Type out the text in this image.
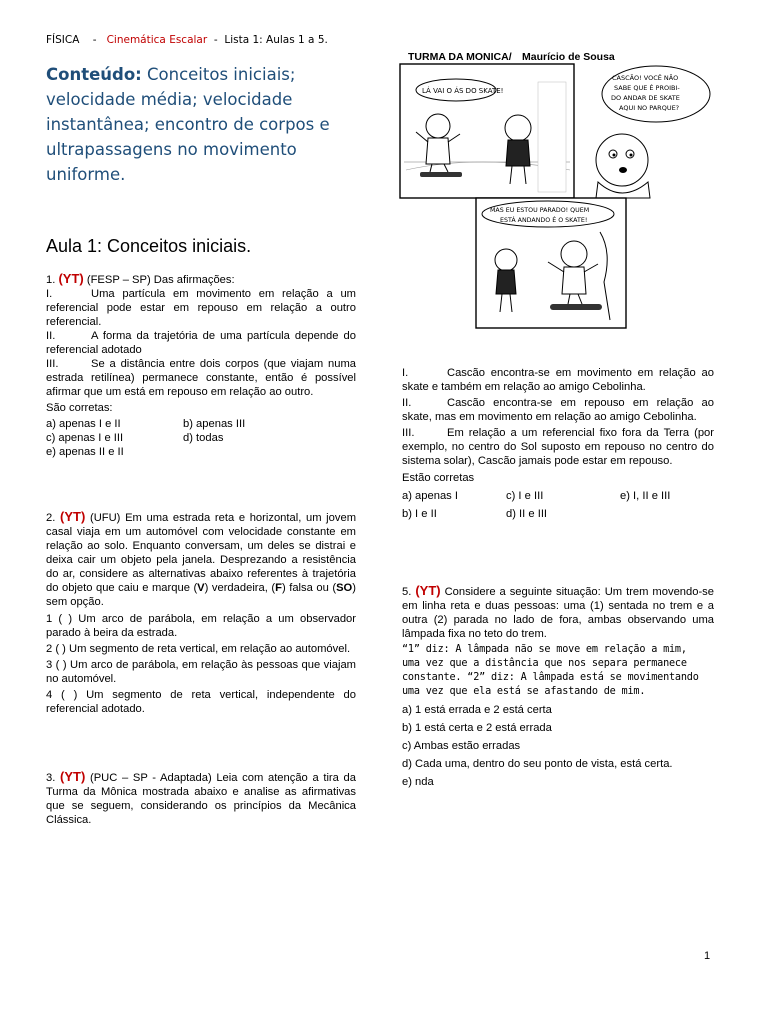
FÍSICA - Cinemática Escalar - Lista 1: Aulas 1 a 5.
Conteúdo: Conceitos iniciais; velocidade média; velocidade instantânea; encontro de corpos e ultrapassagens no movimento uniforme.
Aula 1: Conceitos iniciais.

1. (YT) (FESP – SP) Das afirmações:

I.	Uma partícula em movimento em relação a um referencial pode estar em repouso em relação a outro referencial.

II.	A forma da trajetória de uma partícula depende do referencial adotado

III.	Se a distância entre dois corpos (que viajam numa estrada retilínea) permanece constante, então é possível afirmar que um está em repouso em relação ao outro.

São corretas:

a) apenas I e II	b) apenas III
c) apenas I e III	d) todas
e) apenas II e II	

2. (YT) (UFU) Em uma estrada reta e horizontal, um jovem casal viaja em um automóvel com velocidade constante em relação ao solo. Enquanto conversam, um deles se distrai e deixa cair um objeto pela janela. Desprezando a resistência do ar, considere as alternativas abaixo referentes à trajetória do objeto que caiu e marque (V) verdadeira, (F) falsa ou (SO) sem opção.

1 ( ) Um arco de parábola, em relação a um observador parado à beira da estrada.

2 ( ) Um segmento de reta vertical, em relação ao automóvel.

3 ( ) Um arco de parábola, em relação às pessoas que viajam no automóvel.

4 ( ) Um segmento de reta vertical, independente do referencial adotado.

3. (YT) (PUC – SP - Adaptada) Leia com atenção a tira da Turma da Mônica mostrada abaixo e analise as afirmativas que se seguem, considerando os princípios da Mecânica Clássica.

TURMA DA MONICA/ Maurício de Sousa
LÁ VAI O ÁS DO SKATE!
CASCÃO! VOCÊ NÃO
SABE QUE É PROIBI-
DO ANDAR DE SKATE
AQUI NO PARQUE?
MAS EU ESTOU PARADO! QUEM
ESTÁ ANDANDO É O SKATE!

I.	Cascão encontra-se em movimento em relação ao skate e também em relação ao amigo Cebolinha.

II.	Cascão encontra-se em repouso em relação ao skate, mas em movimento em relação ao amigo Cebolinha.

III.	Em relação a um referencial fixo fora da Terra (por exemplo, no centro do Sol suposto em repouso no centro do sistema solar), Cascão jamais pode estar em repouso.

Estão corretas

a) apenas I	c) I e III	e) I, II e III
b) I e II	d) II e III	

5. (YT) Considere a seguinte situação: Um trem movendo-se em linha reta e duas pessoas: uma (1) sentada no trem e a outra (2) parada no lado de fora, ambas observando uma lâmpada fixa no teto do trem.

“1” diz: A lâmpada não se move em relação a mim,

uma vez que a distância que nos separa permanece

constante. “2” diz: A lâmpada está se movimentando

uma vez que ela está se afastando de mim.

a) 1 está errada e 2 está certa

b) 1 está certa e 2 está errada

c) Ambas estão erradas

d) Cada uma, dentro do seu ponto de vista, está certa.

e) nda

1
